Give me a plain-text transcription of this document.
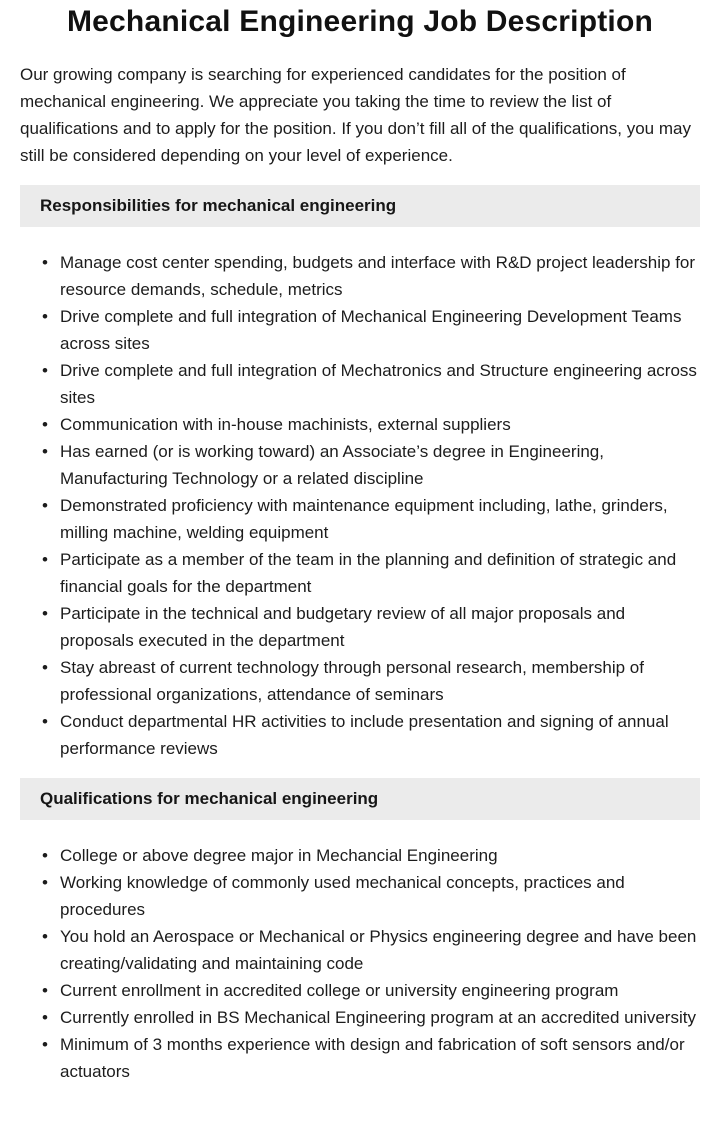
Mechanical Engineering Job Description

Our growing company is searching for experienced candidates for the position of mechanical engineering. We appreciate you taking the time to review the list of qualifications and to apply for the position. If you don’t fill all of the qualifications, you may still be considered depending on your level of experience.

Responsibilities for mechanical engineering
• Manage cost center spending, budgets and interface with R&D project leadership for resource demands, schedule, metrics
• Drive complete and full integration of Mechanical Engineering Development Teams across sites
• Drive complete and full integration of Mechatronics and Structure engineering across sites
• Communication with in-house machinists, external suppliers
• Has earned (or is working toward) an Associate’s degree in Engineering, Manufacturing Technology or a related discipline
• Demonstrated proficiency with maintenance equipment including, lathe, grinders, milling machine, welding equipment
• Participate as a member of the team in the planning and definition of strategic and financial goals for the department
• Participate in the technical and budgetary review of all major proposals and proposals executed in the department
• Stay abreast of current technology through personal research, membership of professional organizations, attendance of seminars
• Conduct departmental HR activities to include presentation and signing of annual performance reviews
Qualifications for mechanical engineering
• College or above degree major in Mechancial Engineering
• Working knowledge of commonly used mechanical concepts, practices and procedures
• You hold an Aerospace or Mechanical or Physics engineering degree and have been creating/validating and maintaining code
• Current enrollment in accredited college or university engineering program
• Currently enrolled in BS Mechanical Engineering program at an accredited university
• Minimum of 3 months experience with design and fabrication of soft sensors and/or actuators
